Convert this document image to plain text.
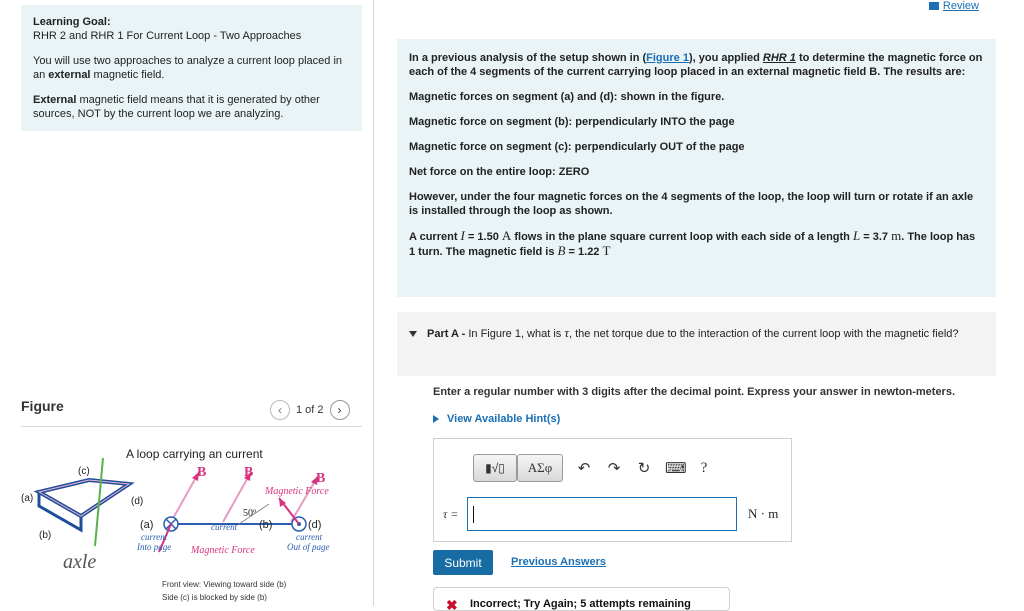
Review
Learning Goal:

RHR 2 and RHR 1 For Current Loop - Two Approaches

You will use two approaches to analyze a current loop placed in an external magnetic field.

External magnetic field means that it is generated by other sources, NOT by the current loop we are analyzing.

Figure	‹ 1 of 2 ›
A loop carrying an current
(c)
(a)	(d)
(b)
axle
B	B	B
50º
Magnetic Force
(a)	(b)	(d)
current
current
Into page Magnetic Force
current
Out of page
Front view: Viewing toward side (b)
Side (c) is blocked by side (b)

In a previous analysis of the setup shown in (Figure 1), you applied RHR 1 to determine the magnetic force on each of the 4 segments of the current carrying loop placed in an external magnetic field B. The results are:

Magnetic forces on segment (a) and (d): shown in the figure.

Magnetic force on segment (b): perpendicularly INTO the page

Magnetic force on segment (c): perpendicularly OUT of the page

Net force on the entire loop: ZERO

However, under the four magnetic forces on the 4 segments of the loop, the loop will turn or rotate if an axle is installed through the loop as shown.

A current I = 1.50 A flows in the plane square current loop with each side of a length L = 3.7 m. The loop has 1 turn. The magnetic field is B = 1.22 T

Part A - In Figure 1, what is τ, the net torque due to the interaction of the current loop with the magnetic field?
Enter a regular number with 3 digits after the decimal point. Express your answer in newton-meters.
View Available Hint(s)
▮√▯ ΑΣφ ↶ ↷ ↻ ⌨ ?
τ =	N · m
Submit	Previous Answers
✖ Incorrect; Try Again; 5 attempts remaining
